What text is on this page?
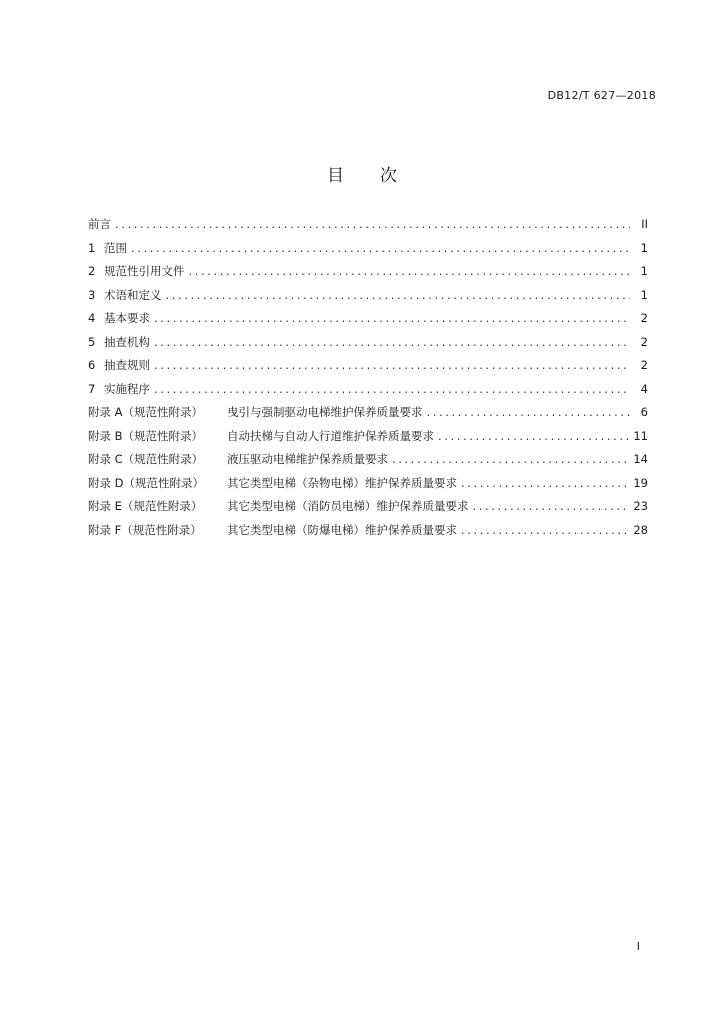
DB12/T 627—2018
目 次
前言 .....	II
1 范围 .....	1
2 规范性引用文件 .....	1
3 术语和定义 .....	1
4 基本要求 .....	2
5 抽查机构 .....	2
6 抽查规则 .....	2
7 实施程序 .....	4
附录 A（规范性附录） 曳引与强制驱动电梯维护保养质量要求 .....	6
附录 B（规范性附录） 自动扶梯与自动人行道维护保养质量要求 .....	11
附录 C（规范性附录） 液压驱动电梯维护保养质量要求 .....	14
附录 D（规范性附录） 其它类型电梯（杂物电梯）维护保养质量要求 .....	19
附录 E（规范性附录） 其它类型电梯（消防员电梯）维护保养质量要求 .....	23
附录 F（规范性附录） 其它类型电梯（防爆电梯）维护保养质量要求 .....	28
I
